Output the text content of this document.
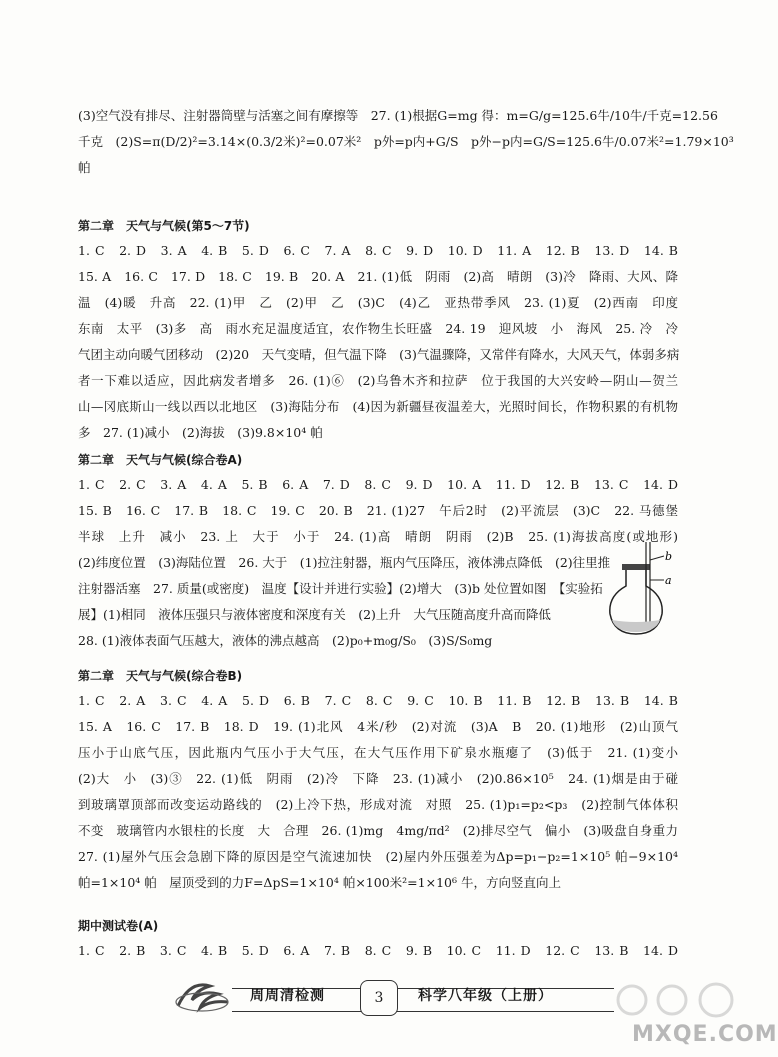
(3)空气没有排尽、注射器筒壁与活塞之间有摩擦等　27. (1)根据G=mg 得：m=G/g=125.6牛/10牛/千克=12.56
千克　(2)S=π(D/2)²=3.14×(0.3/2米)²=0.07米²　p外=p内+G/S　p外−p内=G/S=125.6牛/0.07米²=1.79×10³
帕
第二章　天气与气候(第5～7节)
1. C　2. D　3. A　4. B　5. D　6. C　7. A　8. C　9. D　10. D　11. A　12. B　13. D　14. B
15. A　16. C　17. D　18. C　19. B　20. A　21. (1)低　阴雨　(2)高　晴朗　(3)冷　降雨、大风、降
温　(4)暖　升高　22. (1)甲　乙　(2)甲　乙　(3)C　(4)乙　亚热带季风　23. (1)夏　(2)西南　印度
东南　太平　(3)多　高　雨水充足温度适宜，农作物生长旺盛　24. 19　迎风坡　小　海风　25. 冷　冷
气团主动向暖气团移动　(2)20　天气变晴，但气温下降　(3)气温骤降，又常伴有降水，大风天气，体弱多病
者一下难以适应，因此病发者增多　26. (1)⑥　(2)乌鲁木齐和拉萨　位于我国的大兴安岭—阴山—贺兰
山—冈底斯山一线以西以北地区　(3)海陆分布　(4)因为新疆昼夜温差大，光照时间长，作物积累的有机物
多　27. (1)减小　(2)海拔　(3)9.8×10⁴ 帕
第二章　天气与气候(综合卷A)
1. C　2. C　3. A　4. A　5. B　6. A　7. D　8. C　9. D　10. A　11. D　12. B　13. C　14. D
15. B　16. C　17. B　18. C　19. C　20. B　21. (1)27　午后2时　(2)平流层　(3)C　22. 马德堡
半球　上升　减小　23. 上　大于　小于　24. (1)高　晴朗　阴雨　(2)B　25. (1)海拔高度(或地形)
(2)纬度位置　(3)海陆位置　26. 大于　(1)拉注射器，瓶内气压降压，液体沸点降低　(2)往里推
注射器活塞　27. 质量(或密度)　温度【设计并进行实验】(2)增大　(3)b 处位置如图　【实验拓
展】(1)相同　液体压强只与液体密度和深度有关　(2)上升　大气压随高度升高而降低
28. (1)液体表面气压越大，液体的沸点越高　(2)p₀+m₀g/S₀　(3)S/S₀mg
b
a
第二章　天气与气候(综合卷B)
1. C　2. A　3. C　4. A　5. D　6. B　7. C　8. C　9. C　10. B　11. B　12. B　13. B　14. B
15. A　16. C　17. B　18. D　19. (1)北风　4米/秒　(2)对流　(3)A　B　20. (1)地形　(2)山顶气
压小于山底气压，因此瓶内气压小于大气压，在大气压作用下矿泉水瓶瘪了　(3)低于　21. (1)变小
(2)大　小　(3)③　22. (1)低　阴雨　(2)冷　下降　23. (1)减小　(2)0.86×10⁵　24. (1)烟是由于碰
到玻璃罩顶部而改变运动路线的　(2)上冷下热，形成对流　对照　25. (1)p₁=p₂<p₃　(2)控制气体体积
不变　玻璃管内水银柱的长度　大　合理　26. (1)mg　4mg/πd²　(2)排尽空气　偏小　(3)吸盘自身重力
27. (1)屋外气压会急剧下降的原因是空气流速加快　(2)屋内外压强差为Δp=p₁−p₂=1×10⁵ 帕−9×10⁴
帕=1×10⁴ 帕　屋顶受到的力F=ΔpS=1×10⁴ 帕×100米²=1×10⁶ 牛，方向竖直向上
期中测试卷(A)
1. C　2. B　3. C　4. B　5. D　6. A　7. B　8. C　9. B　10. C　11. D　12. C　13. B　14. D
周周清检测	3	科学八年级（上册）
MXQE.COM
